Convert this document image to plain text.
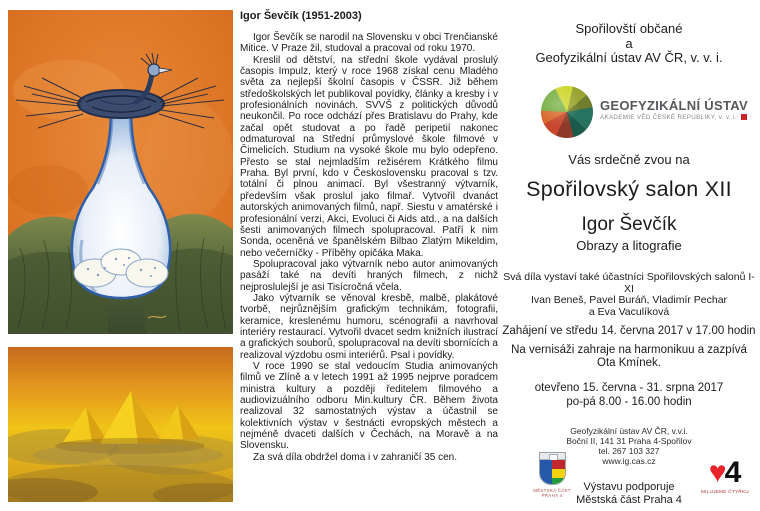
Igor Ševčík (1951-2003)

Igor Ševčík se narodil na Slovensku v obci Trenčianské Mitice. V Praze žil, studoval a pracoval od roku 1970.

Kreslil od dětství, na střední škole vydával proslulý časopis Impulz, který v roce 1968 získal cenu Mladého světa za nejlepší školní časopis v ČSSR. Již během středoškolských let publikoval povídky, články a kresby i v profesionálních novinách. SVVŠ z politických důvodů neukončil. Po roce odchází přes Bratislavu do Prahy, kde začal opět studovat a po řadě peripetií nakonec odmaturoval na Střední průmyslové škole filmové v Čimelicích. Studium na vysoké škole mu bylo odepřeno. Přesto se stal nejmladším režisérem Krátkého filmu Praha. Byl první, kdo v Československu pracoval s tzv. totální či plnou animací. Byl všestranný výtvarník, především však proslul jako filmař. Vytvořil dvanáct autorských animovaných filmů, např. Siestu v amatérské i profesionální verzi, Akci, Evoluci či Aids atd., a na dalších šesti animovaných filmech spolupracoval. Patří k nim Sonda, oceněná ve španělském Bilbao Zlatým Mikeldim, nebo večerníčky - Příběhy opičáka Maka.

Spolupracoval jako výtvarník nebo autor animovaných pasáží také na devíti hraných filmech, z nichž nejproslulejší je asi Tisícročná včela.

Jako výtvarník se věnoval kresbě, malbě, plakátové tvorbě, nejrůznějším grafickým technikám, fotografii, keramice, kreslenému humoru, scénografii a navrhoval interiéry restaurací. Vytvořil dvacet sedm knižních ilustrací a grafických souborů, spolupracoval na devíti sbornících a realizoval výzdobu osmi interiérů. Psal i povídky.

V roce 1990 se stal vedoucím Studia animovaných filmů ve Zlíně a v letech 1991 až 1995 nejprve poradcem ministra kultury a později ředitelem filmového a audiovizuálního odboru Min.kultury ČR. Během života realizoval 32 samostatných výstav a účastnil se kolektivních výstav v šestnácti evropských městech a nejméně dvaceti dalších v Čechách, na Moravě a na Slovensku.

Za svá díla obdržel doma i v zahraničí 35 cen.

Spořilovští občané
a
Geofyzikální ústav AV ČR, v. v. i.
GEOFYZIKÁLNÍ ÚSTAV
AKADEMIE VĚD ČESKÉ REPUBLIKY, v. v. i.
Vás srdečně zvou na
Spořilovský salon XII
Igor Ševčík
Obrazy a litografie
Svá díla vystaví také účastníci Spořilovských salonů I-XI
Ivan Beneš, Pavel Buráň, Vladimír Pechar
a Eva Vaculíková
Zahájení ve středu 14. června 2017 v 17.00 hodin
Na vernisáži zahraje na harmonikuu a zazpívá
Ota Kmínek.
otevřeno 15. června - 31. srpna 2017
po-pá 8.00 - 16.00 hodin
Geofyzikální ústav AV ČR, v.v.i.
Boční II, 141 31 Praha 4-Spořilov
tel. 267 103 327
www.ig.cas.cz
MĚSTSKÁ ČÁST
PRAHA 4
Výstavu podporuje
Městská část Praha 4
♥
4
MILUJEME ČTYŘKU
